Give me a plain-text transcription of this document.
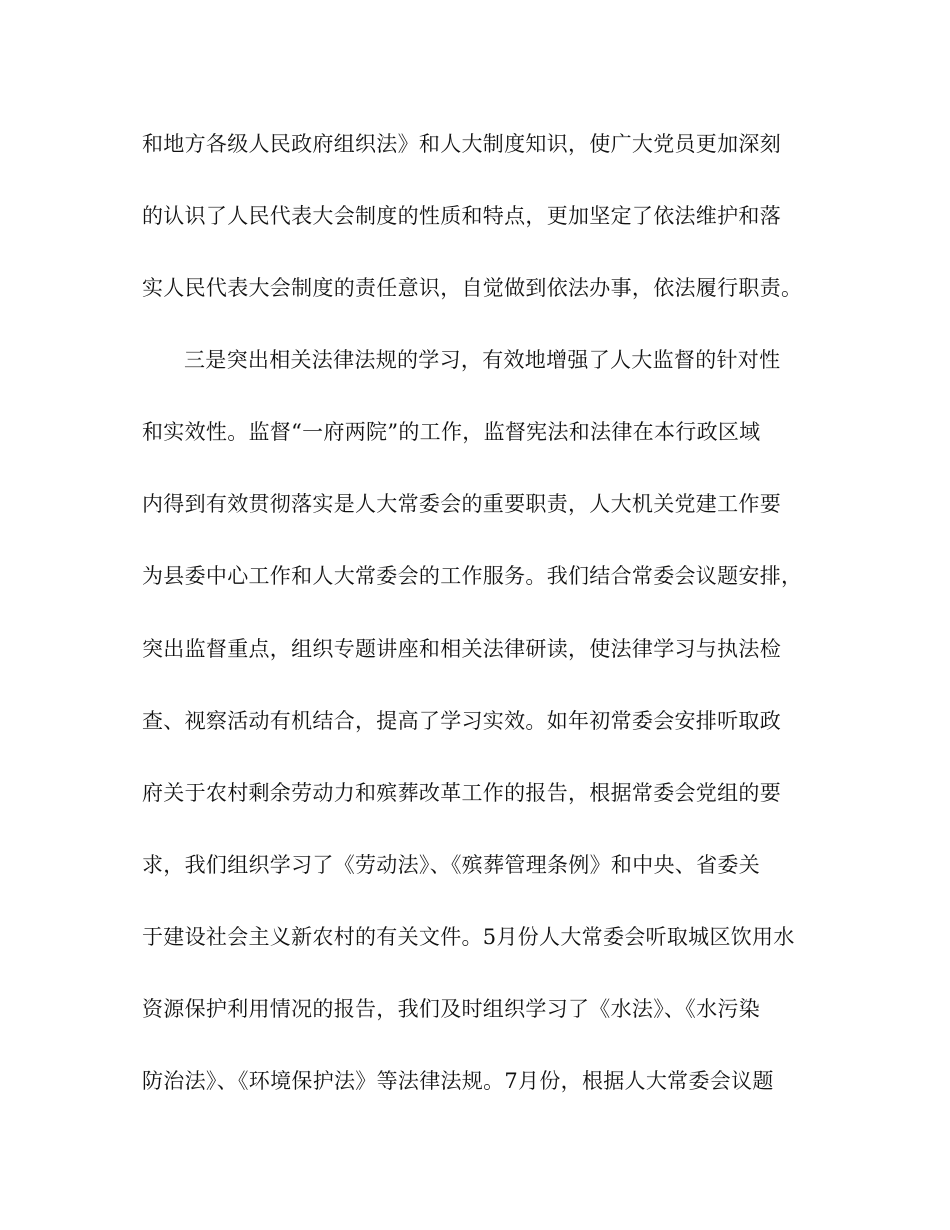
和地方各级人民政府组织法》和人大制度知识，使广大党员更加深刻
的认识了人民代表大会制度的性质和特点，更加坚定了依法维护和落
实人民代表大会制度的责任意识，自觉做到依法办事，依法履行职责。
三是突出相关法律法规的学习，有效地增强了人大监督的针对性
和实效性。监督“一府两院”的工作，监督宪法和法律在本行政区域
内得到有效贯彻落实是人大常委会的重要职责，人大机关党建工作要
为县委中心工作和人大常委会的工作服务。我们结合常委会议题安排，
突出监督重点，组织专题讲座和相关法律研读，使法律学习与执法检
查、视察活动有机结合，提高了学习实效。如年初常委会安排听取政
府关于农村剩余劳动力和殡葬改革工作的报告，根据常委会党组的要
求，我们组织学习了《劳动法》、《殡葬管理条例》和中央、省委关
于建设社会主义新农村的有关文件。5月份人大常委会听取城区饮用水
资源保护利用情况的报告，我们及时组织学习了《水法》、《水污染
防治法》、《环境保护法》等法律法规。7月份，根据人大常委会议题
